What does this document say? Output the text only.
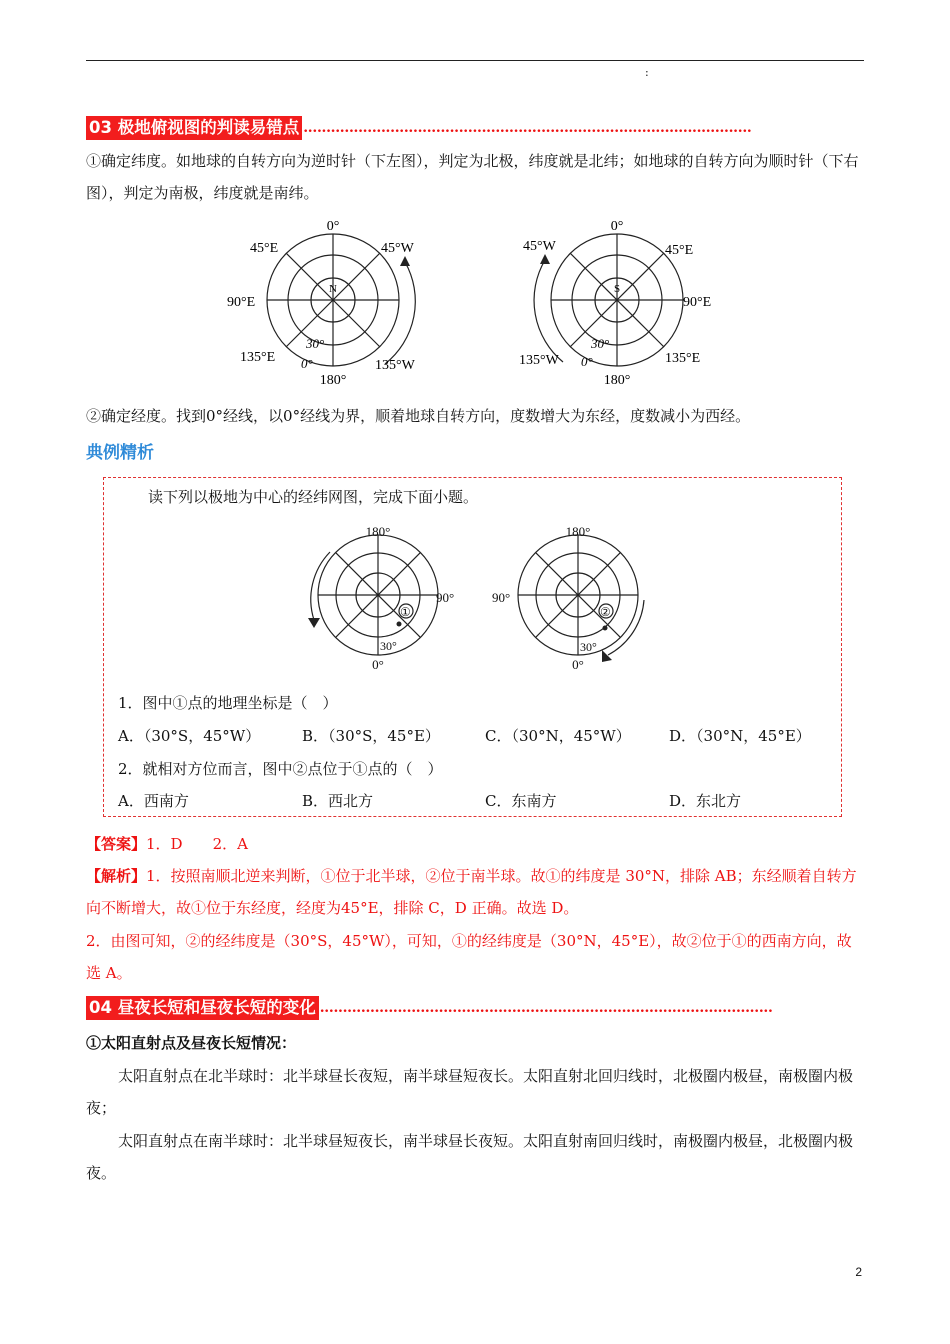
:
03 极地俯视图的判读易错点 ..................................................................................................
①确定纬度。如地球的自转方向为逆时针（下左图），判定为北极，纬度就是北纬；如地球的自转方向为顺时针（下右图），判定为南极，纬度就是南纬。
N
0°
180°
90°E
45°E	45°W
135°E
135°W
30°
0°
S
0°
180°
90°E
45°W	45°E
135°W	135°E
30°
0°
②确定经度。找到0°经线，以0°经线为界，顺着地球自转方向，度数增大为东经，度数减小为西经。
典例精析
读下列以极地为中心的经纬网图，完成下面小题。
180°
90°
0°
30°
①
180°
90°
0°
30°
②
1．图中①点的地理坐标是（　）
A．（30°S，45°W）	B．（30°S，45°E）	C．（30°N，45°W）	D．（30°N，45°E）
2．就相对方位而言，图中②点位于①点的（　）
A．西南方	B．西北方	C．东南方	D．东北方
【答案】1．D　　2．A
【解析】1．按照南顺北逆来判断，①位于北半球，②位于南半球。故①的纬度是 30°N，排除 AB；东经顺着自转方向不断增大，故①位于东经度，经度为45°E，排除 C，D 正确。故选 D。
2．由图可知，②的经纬度是（30°S，45°W），可知，①的经纬度是（30°N，45°E），故②位于①的西南方向，故选 A。
04 昼夜长短和昼夜长短的变化 ...................................................................................................
①太阳直射点及昼夜长短情况：
太阳直射点在北半球时：北半球昼长夜短，南半球昼短夜长。太阳直射北回归线时，北极圈内极昼，南极圈内极夜；
太阳直射点在南半球时：北半球昼短夜长，南半球昼长夜短。太阳直射南回归线时，南极圈内极昼，北极圈内极夜。
2
